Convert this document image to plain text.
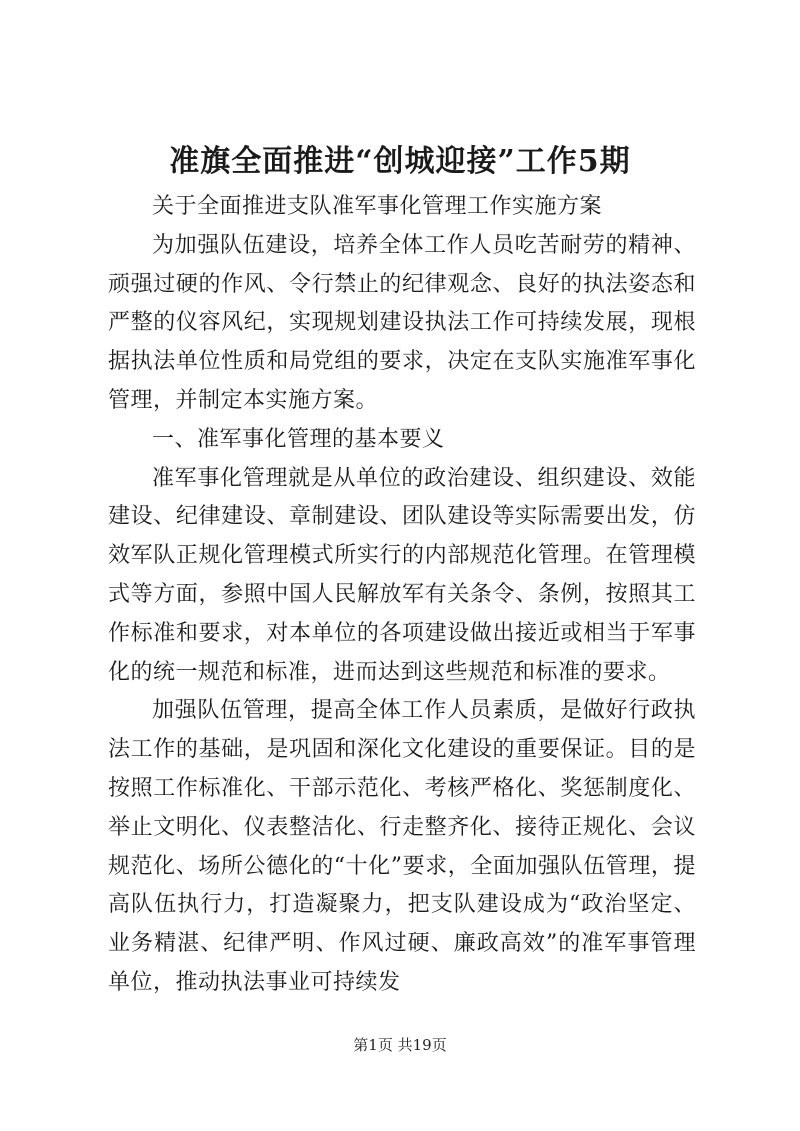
准旗全面推进“创城迎接”工作5期

关于全面推进支队准军事化管理工作实施方案

为加强队伍建设，培养全体工作人员吃苦耐劳的精神、顽强过硬的作风、令行禁止的纪律观念、良好的执法姿态和严整的仪容风纪，实现规划建设执法工作可持续发展，现根据执法单位性质和局党组的要求，决定在支队实施准军事化管理，并制定本实施方案。

一、准军事化管理的基本要义

准军事化管理就是从单位的政治建设、组织建设、效能建设、纪律建设、章制建设、团队建设等实际需要出发，仿效军队正规化管理模式所实行的内部规范化管理。在管理模式等方面，参照中国人民解放军有关条令、条例，按照其工作标准和要求，对本单位的各项建设做出接近或相当于军事化的统一规范和标准，进而达到这些规范和标准的要求。

加强队伍管理，提高全体工作人员素质，是做好行政执法工作的基础，是巩固和深化文化建设的重要保证。目的是按照工作标准化、干部示范化、考核严格化、奖惩制度化、举止文明化、仪表整洁化、行走整齐化、接待正规化、会议规范化、场所公德化的“十化”要求，全面加强队伍管理，提高队伍执行力，打造凝聚力，把支队建设成为“政治坚定、业务精湛、纪律严明、作风过硬、廉政高效”的准军事管理单位，推动执法事业可持续发

第1页 共19页
